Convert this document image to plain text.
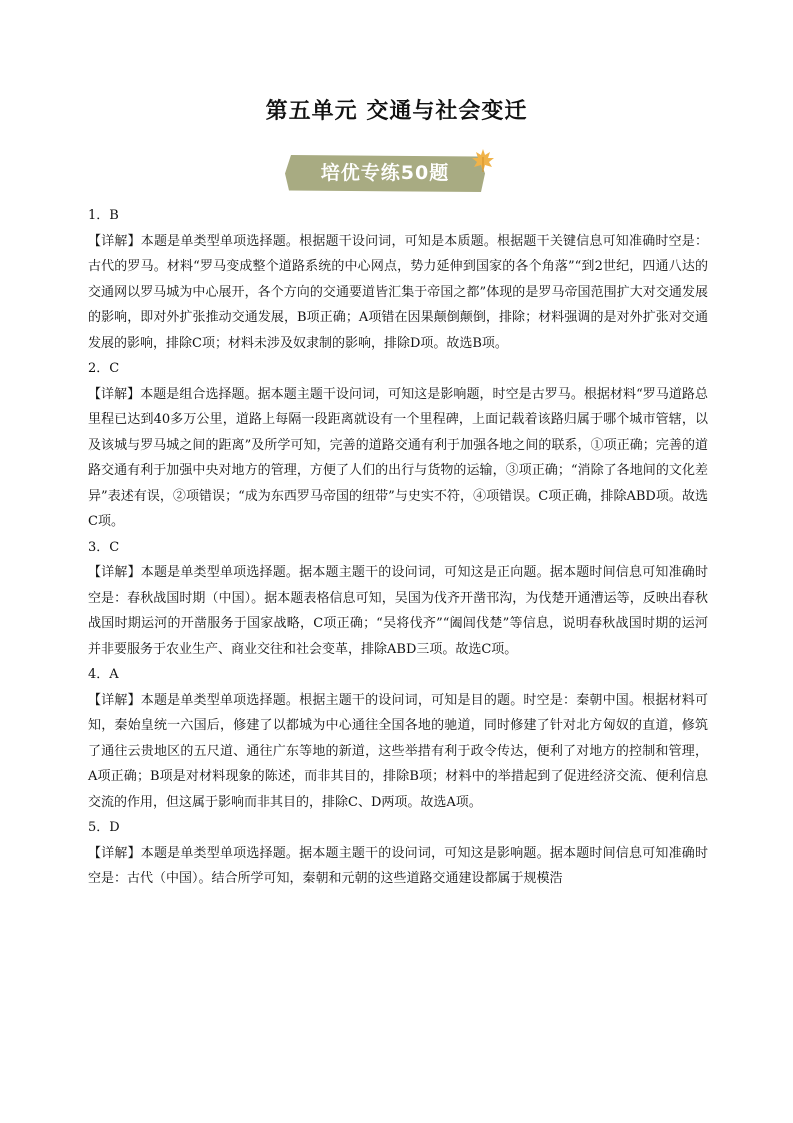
第五单元 交通与社会变迁
培优专练50题

1．B

【详解】本题是单类型单项选择题。根据题干设问词，可知是本质题。根据题干关键信息可知准确时空是：古代的罗马。材料“罗马变成整个道路系统的中心网点，势力延伸到国家的各个角落”“到2世纪，四通八达的交通网以罗马城为中心展开，各个方向的交通要道皆汇集于帝国之都”体现的是罗马帝国范围扩大对交通发展的影响，即对外扩张推动交通发展，B项正确；A项错在因果颠倒颠倒，排除；材料强调的是对外扩张对交通发展的影响，排除C项；材料未涉及奴隶制的影响，排除D项。故选B项。

2．C

【详解】本题是组合选择题。据本题主题干设问词，可知这是影响题，时空是古罗马。根据材料“罗马道路总里程已达到40多万公里，道路上每隔一段距离就设有一个里程碑，上面记载着该路归属于哪个城市管辖，以及该城与罗马城之间的距离”及所学可知，完善的道路交通有利于加强各地之间的联系，①项正确；完善的道路交通有利于加强中央对地方的管理，方便了人们的出行与货物的运输，③项正确；“消除了各地间的文化差异”表述有误，②项错误；“成为东西罗马帝国的纽带”与史实不符，④项错误。C项正确，排除ABD项。故选C项。

3．C

【详解】本题是单类型单项选择题。据本题主题干的设问词，可知这是正向题。据本题时间信息可知准确时空是：春秋战国时期（中国）。据本题表格信息可知，吴国为伐齐开凿邗沟，为伐楚开通漕运等，反映出春秋战国时期运河的开凿服务于国家战略，C项正确；“吴将伐齐”“阖闾伐楚”等信息，说明春秋战国时期的运河并非要服务于农业生产、商业交往和社会变革，排除ABD三项。故选C项。

4．A

【详解】本题是单类型单项选择题。根据主题干的设问词，可知是目的题。时空是：秦朝中国。根据材料可知，秦始皇统一六国后，修建了以都城为中心通往全国各地的驰道，同时修建了针对北方匈奴的直道，修筑了通往云贵地区的五尺道、通往广东等地的新道，这些举措有利于政令传达，便利了对地方的控制和管理，A项正确；B项是对材料现象的陈述，而非其目的，排除B项；材料中的举措起到了促进经济交流、便利信息交流的作用，但这属于影响而非其目的，排除C、D两项。故选A项。

5．D

【详解】本题是单类型单项选择题。据本题主题干的设问词，可知这是影响题。据本题时间信息可知准确时空是：古代（中国）。结合所学可知，秦朝和元朝的这些道路交通建设都属于规模浩
